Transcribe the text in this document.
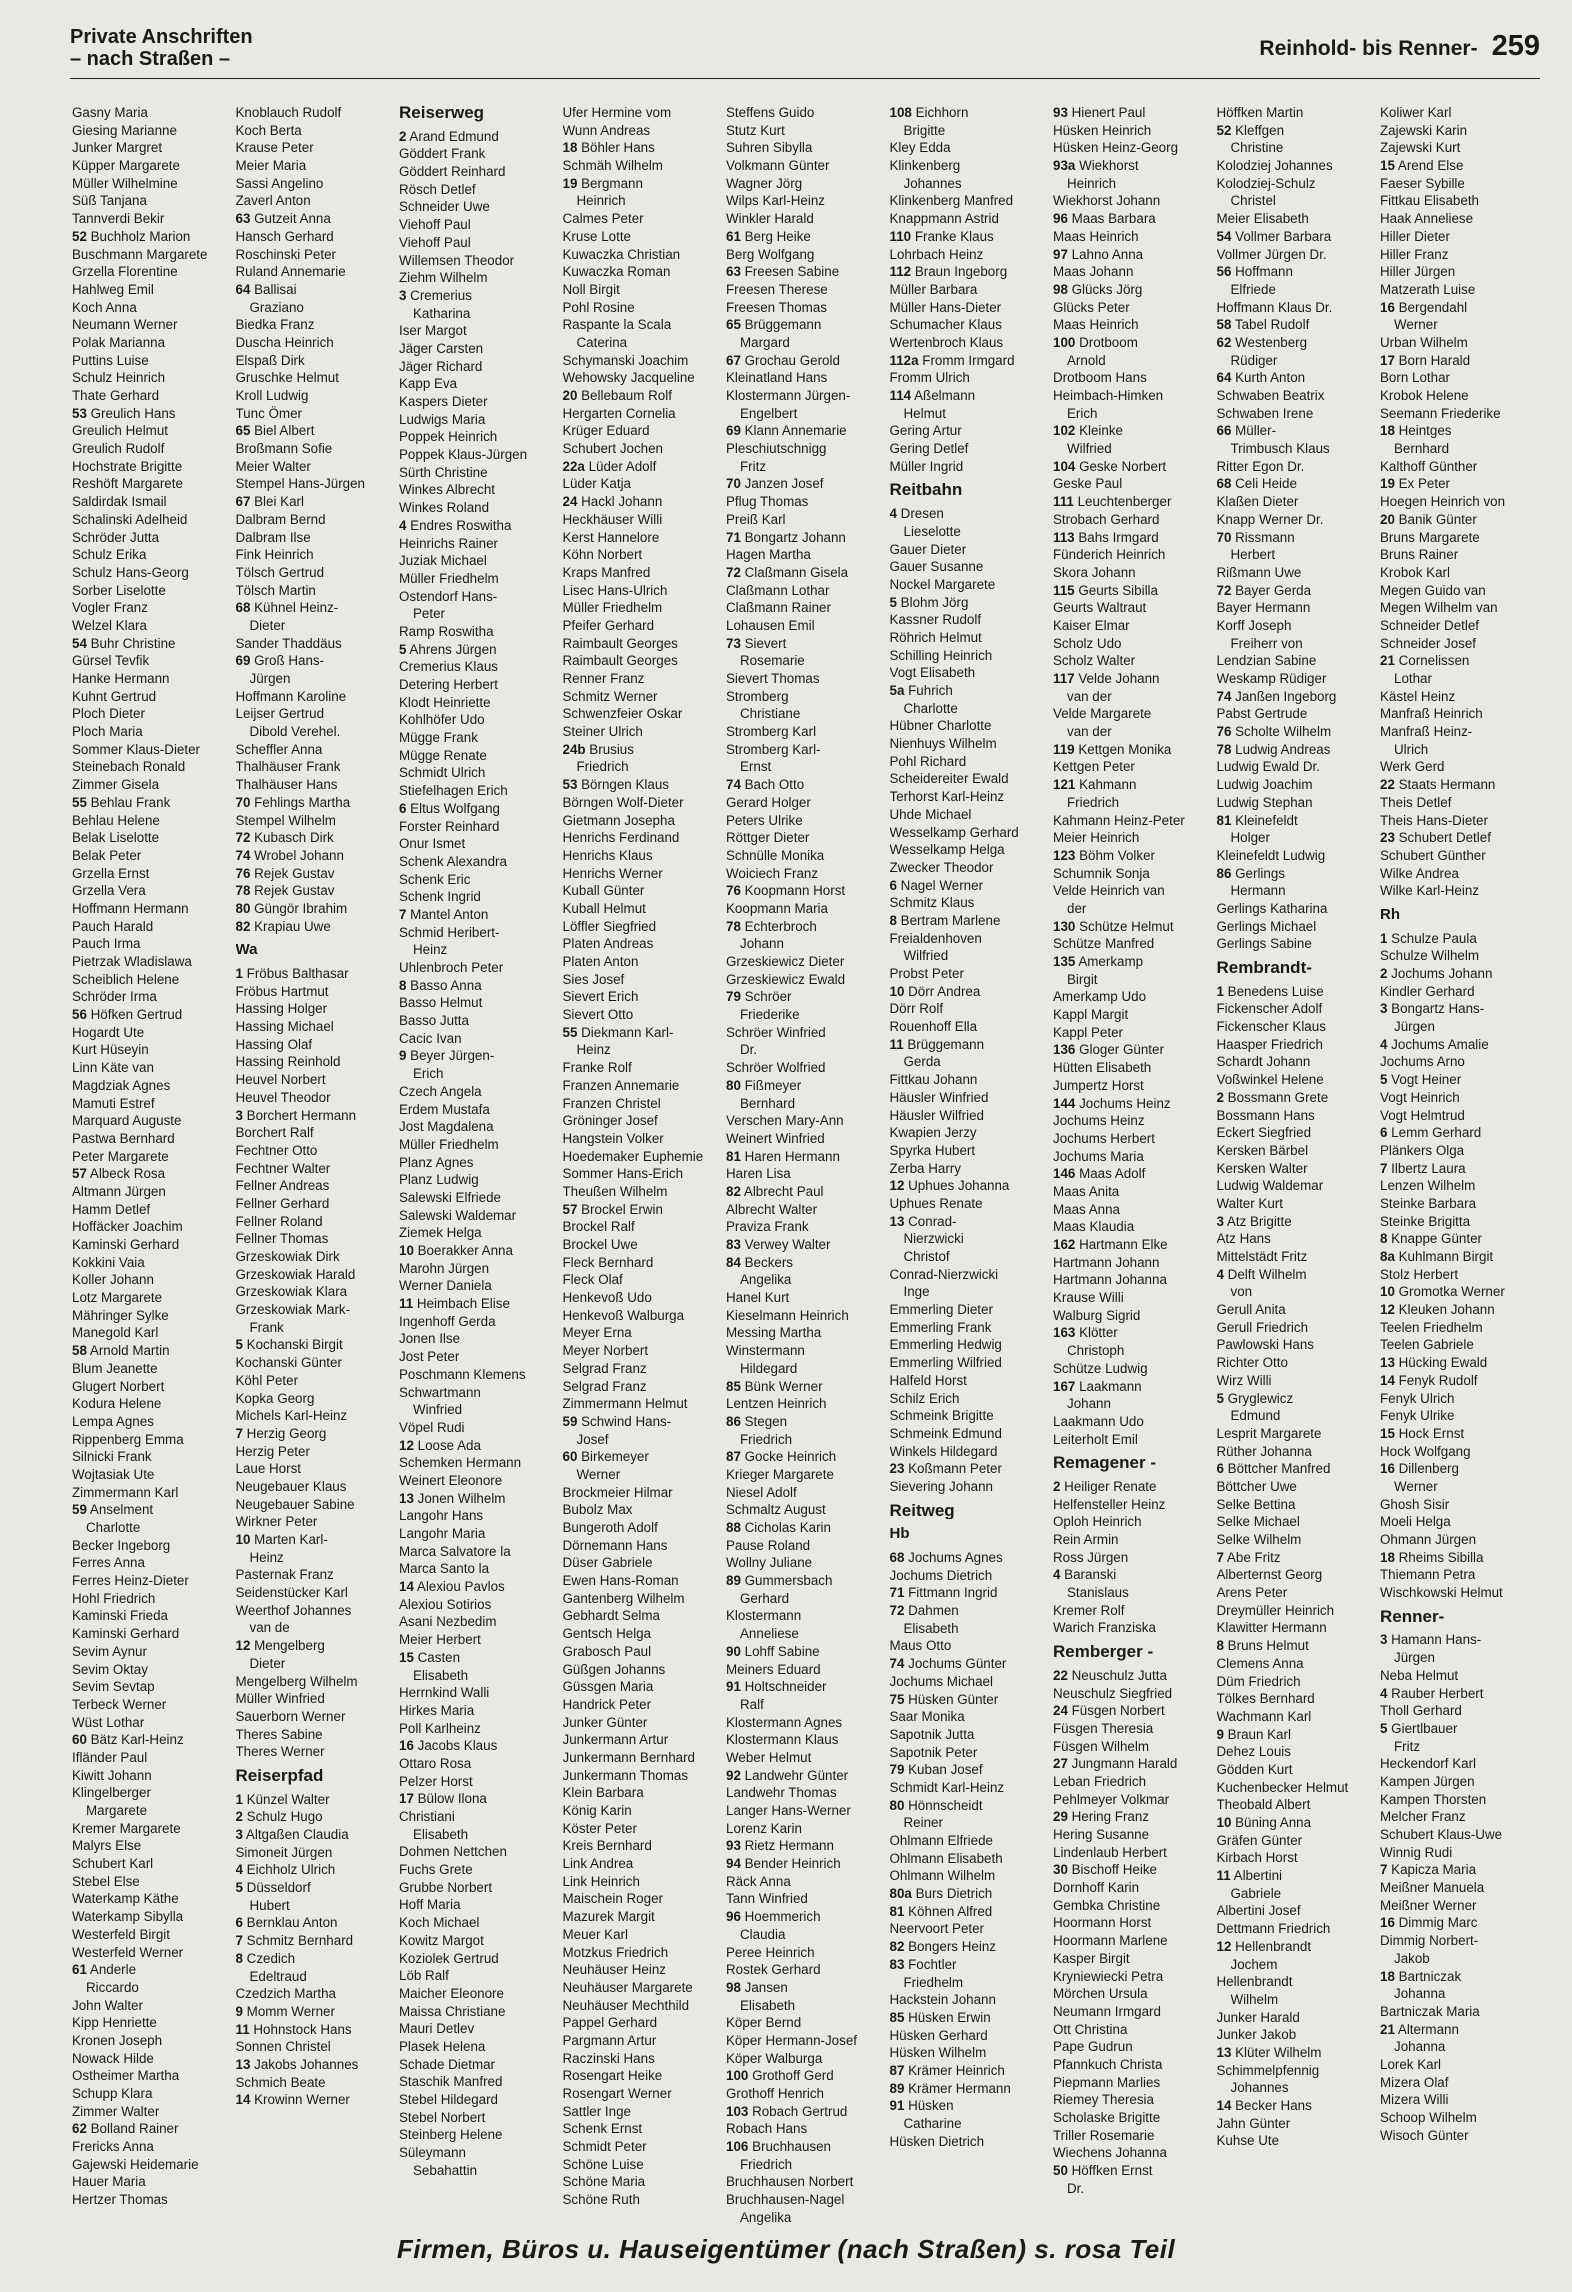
Private Anschriften
– nach Straßen –	Reinhold- bis Renner- 259
Gasny Maria
Giesing Marianne
Junker Margret
Küpper Margarete
Müller Wilhelmine
Süß Tanjana
Tannverdi Bekir
52 Buchholz Marion
Buschmann Margarete
Grzella Florentine
Hahlweg Emil
Koch Anna
Neumann Werner
Polak Marianna
Puttins Luise
Schulz Heinrich
Thate Gerhard
53 Greulich Hans
Greulich Helmut
Greulich Rudolf
Hochstrate Brigitte
Reshöft Margarete
Saldirdak Ismail
Schalinski Adelheid
Schröder Jutta
Schulz Erika
Schulz Hans-Georg
Sorber Liselotte
Vogler Franz
Welzel Klara
54 Buhr Christine
Gürsel Tevfik
Hanke Hermann
Kuhnt Gertrud
Ploch Dieter
Ploch Maria
Sommer Klaus-Dieter
Steinebach Ronald
Zimmer Gisela
55 Behlau Frank
Behlau Helene
Belak Liselotte
Belak Peter
Grzella Ernst
Grzella Vera
Hoffmann Hermann
Pauch Harald
Pauch Irma
Pietrzak Wladislawa
Scheiblich Helene
Schröder Irma
56 Höfken Gertrud
Hogardt Ute
Kurt Hüseyin
Linn Käte van
Magdziak Agnes
Mamuti Estref
Marquard Auguste
Pastwa Bernhard
Peter Margarete
57 Albeck Rosa
Altmann Jürgen
Hamm Detlef
Hoffäcker Joachim
Kaminski Gerhard
Kokkini Vaia
Koller Johann
Lotz Margarete
Mähringer Sylke
Manegold Karl
58 Arnold Martin
Blum Jeanette
Glugert Norbert
Kodura Helene
Lempa Agnes
Rippenberg Emma
Silnicki Frank
Wojtasiak Ute
Zimmermann Karl
59 Anselment
Charlotte
Becker Ingeborg
Ferres Anna
Ferres Heinz-Dieter
Hohl Friedrich
Kaminski Frieda
Kaminski Gerhard
Sevim Aynur
Sevim Oktay
Sevim Sevtap
Terbeck Werner
Wüst Lothar
60 Bätz Karl-Heinz
Ifländer Paul
Kiwitt Johann
Klingelberger
Margarete
Kremer Margarete
Malyrs Else
Schubert Karl
Stebel Else
Waterkamp Käthe
Waterkamp Sibylla
Westerfeld Birgit
Westerfeld Werner
61 Anderle
Riccardo
John Walter
Kipp Henriette
Kronen Joseph
Nowack Hilde
Ostheimer Martha
Schupp Klara
Zimmer Walter
62 Bolland Rainer
Frericks Anna
Gajewski Heidemarie
Hauer Maria
Hertzer Thomas
Knoblauch Rudolf
Koch Berta
Krause Peter
Meier Maria
Sassi Angelino
Zaverl Anton
63 Gutzeit Anna
Hansch Gerhard
Roschinski Peter
Ruland Annemarie
64 Ballisai
Graziano
Biedka Franz
Duscha Heinrich
Elspaß Dirk
Gruschke Helmut
Kroll Ludwig
Tunc Ömer
65 Biel Albert
Broßmann Sofie
Meier Walter
Stempel Hans-Jürgen
67 Blei Karl
Dalbram Bernd
Dalbram Ilse
Fink Heinrich
Tölsch Gertrud
Tölsch Martin
68 Kühnel Heinz-
Dieter
Sander Thaddäus
69 Groß Hans-
Jürgen
Hoffmann Karoline
Leijser Gertrud
Dibold Verehel.
Scheffler Anna
Thalhäuser Frank
Thalhäuser Hans
70 Fehlings Martha
Stempel Wilhelm
72 Kubasch Dirk
74 Wrobel Johann
76 Rejek Gustav
78 Rejek Gustav
80 Güngör Ibrahim
82 Krapiau Uwe
Wa
1 Fröbus Balthasar
Fröbus Hartmut
Hassing Holger
Hassing Michael
Hassing Olaf
Hassing Reinhold
Heuvel Norbert
Heuvel Theodor
3 Borchert Hermann
Borchert Ralf
Fechtner Otto
Fechtner Walter
Fellner Andreas
Fellner Gerhard
Fellner Roland
Fellner Thomas
Grzeskowiak Dirk
Grzeskowiak Harald
Grzeskowiak Klara
Grzeskowiak Mark-
Frank
5 Kochanski Birgit
Kochanski Günter
Köhl Peter
Kopka Georg
Michels Karl-Heinz
7 Herzig Georg
Herzig Peter
Laue Horst
Neugebauer Klaus
Neugebauer Sabine
Wirkner Peter
10 Marten Karl-
Heinz
Pasternak Franz
Seidenstücker Karl
Weerthof Johannes
van de
12 Mengelberg
Dieter
Mengelberg Wilhelm
Müller Winfried
Sauerborn Werner
Theres Sabine
Theres Werner
Reiserpfad
1 Künzel Walter
2 Schulz Hugo
3 Altgaßen Claudia
Simoneit Jürgen
4 Eichholz Ulrich
5 Düsseldorf
Hubert
6 Bernklau Anton
7 Schmitz Bernhard
8 Czedich
Edeltraud
Czedzich Martha
9 Momm Werner
11 Hohnstock Hans
Sonnen Christel
13 Jakobs Johannes
Schmich Beate
14 Krowinn Werner
Reiserweg
2 Arand Edmund
Göddert Frank
Göddert Reinhard
Rösch Detlef
Schneider Uwe
Viehoff Paul
Viehoff Paul
Willemsen Theodor
Ziehm Wilhelm
3 Cremerius
Katharina
Iser Margot
Jäger Carsten
Jäger Richard
Kapp Eva
Kaspers Dieter
Ludwigs Maria
Poppek Heinrich
Poppek Klaus-Jürgen
Sürth Christine
Winkes Albrecht
Winkes Roland
4 Endres Roswitha
Heinrichs Rainer
Juziak Michael
Müller Friedhelm
Ostendorf Hans-
Peter
Ramp Roswitha
5 Ahrens Jürgen
Cremerius Klaus
Detering Herbert
Klodt Heinriette
Kohlhöfer Udo
Mügge Frank
Mügge Renate
Schmidt Ulrich
Stiefelhagen Erich
6 Eltus Wolfgang
Forster Reinhard
Onur Ismet
Schenk Alexandra
Schenk Eric
Schenk Ingrid
7 Mantel Anton
Schmid Heribert-
Heinz
Uhlenbroch Peter
8 Basso Anna
Basso Helmut
Basso Jutta
Cacic Ivan
9 Beyer Jürgen-
Erich
Czech Angela
Erdem Mustafa
Jost Magdalena
Müller Friedhelm
Planz Agnes
Planz Ludwig
Salewski Elfriede
Salewski Waldemar
Ziemek Helga
10 Boerakker Anna
Marohn Jürgen
Werner Daniela
11 Heimbach Elise
Ingenhoff Gerda
Jonen Ilse
Jost Peter
Poschmann Klemens
Schwartmann
Winfried
Vöpel Rudi
12 Loose Ada
Schemken Hermann
Weinert Eleonore
13 Jonen Wilhelm
Langohr Hans
Langohr Maria
Marca Salvatore la
Marca Santo la
14 Alexiou Pavlos
Alexiou Sotirios
Asani Nezbedim
Meier Herbert
15 Casten
Elisabeth
Herrnkind Walli
Hirkes Maria
Poll Karlheinz
16 Jacobs Klaus
Ottaro Rosa
Pelzer Horst
17 Bülow Ilona
Christiani
Elisabeth
Dohmen Nettchen
Fuchs Grete
Grubbe Norbert
Hoff Maria
Koch Michael
Kowitz Margot
Koziolek Gertrud
Löb Ralf
Maicher Eleonore
Maissa Christiane
Mauri Detlev
Plasek Helena
Schade Dietmar
Staschik Manfred
Stebel Hildegard
Stebel Norbert
Steinberg Helene
Süleymann
Sebahattin
Ufer Hermine vom
Wunn Andreas
18 Böhler Hans
Schmäh Wilhelm
19 Bergmann
Heinrich
Calmes Peter
Kruse Lotte
Kuwaczka Christian
Kuwaczka Roman
Noll Birgit
Pohl Rosine
Raspante la Scala
Caterina
Schymanski Joachim
Wehowsky Jacqueline
20 Bellebaum Rolf
Hergarten Cornelia
Krüger Eduard
Schubert Jochen
22a Lüder Adolf
Lüder Katja
24 Hackl Johann
Heckhäuser Willi
Kerst Hannelore
Köhn Norbert
Kraps Manfred
Lisec Hans-Ulrich
Müller Friedhelm
Pfeifer Gerhard
Raimbault Georges
Raimbault Georges
Renner Franz
Schmitz Werner
Schwenzfeier Oskar
Steiner Ulrich
24b Brusius
Friedrich
53 Börngen Klaus
Börngen Wolf-Dieter
Gietmann Josepha
Henrichs Ferdinand
Henrichs Klaus
Henrichs Werner
Kuball Günter
Kuball Helmut
Löffler Siegfried
Platen Andreas
Platen Anton
Sies Josef
Sievert Erich
Sievert Otto
55 Diekmann Karl-
Heinz
Franke Rolf
Franzen Annemarie
Franzen Christel
Gröninger Josef
Hangstein Volker
Hoedemaker Euphemie
Sommer Hans-Erich
Theußen Wilhelm
57 Brockel Erwin
Brockel Ralf
Brockel Uwe
Fleck Bernhard
Fleck Olaf
Henkevoß Udo
Henkevoß Walburga
Meyer Erna
Meyer Norbert
Selgrad Franz
Selgrad Franz
Zimmermann Helmut
59 Schwind Hans-
Josef
60 Birkemeyer
Werner
Brockmeier Hilmar
Bubolz Max
Bungeroth Adolf
Dörnemann Hans
Düser Gabriele
Ewen Hans-Roman
Gantenberg Wilhelm
Gebhardt Selma
Gentsch Helga
Grabosch Paul
Güßgen Johanns
Güssgen Maria
Handrick Peter
Junker Günter
Junkermann Artur
Junkermann Bernhard
Junkermann Thomas
Klein Barbara
König Karin
Köster Peter
Kreis Bernhard
Link Andrea
Link Heinrich
Maischein Roger
Mazurek Margit
Meuer Karl
Motzkus Friedrich
Neuhäuser Heinz
Neuhäuser Margarete
Neuhäuser Mechthild
Pappel Gerhard
Pargmann Artur
Raczinski Hans
Rosengart Heike
Rosengart Werner
Sattler Inge
Schenk Ernst
Schmidt Peter
Schöne Luise
Schöne Maria
Schöne Ruth
Steffens Guido
Stutz Kurt
Suhren Sibylla
Volkmann Günter
Wagner Jörg
Wilps Karl-Heinz
Winkler Harald
61 Berg Heike
Berg Wolfgang
63 Freesen Sabine
Freesen Therese
Freesen Thomas
65 Brüggemann
Margard
67 Grochau Gerold
Kleinatland Hans
Klostermann Jürgen-
Engelbert
69 Klann Annemarie
Pleschiutschnigg
Fritz
70 Janzen Josef
Pflug Thomas
Preiß Karl
71 Bongartz Johann
Hagen Martha
72 Claßmann Gisela
Claßmann Lothar
Claßmann Rainer
Lohausen Emil
73 Sievert
Rosemarie
Sievert Thomas
Stromberg
Christiane
Stromberg Karl
Stromberg Karl-
Ernst
74 Bach Otto
Gerard Holger
Peters Ulrike
Röttger Dieter
Schnülle Monika
Woiciech Franz
76 Koopmann Horst
Koopmann Maria
78 Echterbroch
Johann
Grzeskiewicz Dieter
Grzeskiewicz Ewald
79 Schröer
Friederike
Schröer Winfried
Dr.
Schröer Wolfried
80 Fißmeyer
Bernhard
Verschen Mary-Ann
Weinert Winfried
81 Haren Hermann
Haren Lisa
82 Albrecht Paul
Albrecht Walter
Praviza Frank
83 Verwey Walter
84 Beckers
Angelika
Hanel Kurt
Kieselmann Heinrich
Messing Martha
Winstermann
Hildegard
85 Bünk Werner
Lentzen Heinrich
86 Stegen
Friedrich
87 Gocke Heinrich
Krieger Margarete
Niesel Adolf
Schmaltz August
88 Cicholas Karin
Pause Roland
Wollny Juliane
89 Gummersbach
Gerhard
Klostermann
Anneliese
90 Lohff Sabine
Meiners Eduard
91 Holtschneider
Ralf
Klostermann Agnes
Klostermann Klaus
Weber Helmut
92 Landwehr Günter
Landwehr Thomas
Langer Hans-Werner
Lorenz Karin
93 Rietz Hermann
94 Bender Heinrich
Räck Anna
Tann Winfried
96 Hoemmerich
Claudia
Peree Heinrich
Rostek Gerhard
98 Jansen
Elisabeth
Köper Bernd
Köper Hermann-Josef
Köper Walburga
100 Grothoff Gerd
Grothoff Henrich
103 Robach Gertrud
Robach Hans
106 Bruchhausen
Friedrich
Bruchhausen Norbert
Bruchhausen-Nagel
Angelika
108 Eichhorn
Brigitte
Kley Edda
Klinkenberg
Johannes
Klinkenberg Manfred
Knappmann Astrid
110 Franke Klaus
Lohrbach Heinz
112 Braun Ingeborg
Müller Barbara
Müller Hans-Dieter
Schumacher Klaus
Wertenbroch Klaus
112a Fromm Irmgard
Fromm Ulrich
114 Aßelmann
Helmut
Gering Artur
Gering Detlef
Müller Ingrid
Reitbahn
4 Dresen
Lieselotte
Gauer Dieter
Gauer Susanne
Nockel Margarete
5 Blohm Jörg
Kassner Rudolf
Röhrich Helmut
Schilling Heinrich
Vogt Elisabeth
5a Fuhrich
Charlotte
Hübner Charlotte
Nienhuys Wilhelm
Pohl Richard
Scheidereiter Ewald
Terhorst Karl-Heinz
Uhde Michael
Wesselkamp Gerhard
Wesselkamp Helga
Zwecker Theodor
6 Nagel Werner
Schmitz Klaus
8 Bertram Marlene
Freialdenhoven
Wilfried
Probst Peter
10 Dörr Andrea
Dörr Rolf
Rouenhoff Ella
11 Brüggemann
Gerda
Fittkau Johann
Häusler Winfried
Häusler Wilfried
Kwapien Jerzy
Spyrka Hubert
Zerba Harry
12 Uphues Johanna
Uphues Renate
13 Conrad-
Nierzwicki
Christof
Conrad-Nierzwicki
Inge
Emmerling Dieter
Emmerling Frank
Emmerling Hedwig
Emmerling Wilfried
Halfeld Horst
Schilz Erich
Schmeink Brigitte
Schmeink Edmund
Winkels Hildegard
23 Koßmann Peter
Sievering Johann
Reitweg
Hb
68 Jochums Agnes
Jochums Dietrich
71 Fittmann Ingrid
72 Dahmen
Elisabeth
Maus Otto
74 Jochums Günter
Jochums Michael
75 Hüsken Günter
Saar Monika
Sapotnik Jutta
Sapotnik Peter
79 Kuban Josef
Schmidt Karl-Heinz
80 Hönnscheidt
Reiner
Ohlmann Elfriede
Ohlmann Elisabeth
Ohlmann Wilhelm
80a Burs Dietrich
81 Köhnen Alfred
Neervoort Peter
82 Bongers Heinz
83 Fochtler
Friedhelm
Hackstein Johann
85 Hüsken Erwin
Hüsken Gerhard
Hüsken Wilhelm
87 Krämer Heinrich
89 Krämer Hermann
91 Hüsken
Catharine
Hüsken Dietrich
93 Hienert Paul
Hüsken Heinrich
Hüsken Heinz-Georg
93a Wiekhorst
Heinrich
Wiekhorst Johann
96 Maas Barbara
Maas Heinrich
97 Lahno Anna
Maas Johann
98 Glücks Jörg
Glücks Peter
Maas Heinrich
100 Drotboom
Arnold
Drotboom Hans
Heimbach-Himken
Erich
102 Kleinke
Wilfried
104 Geske Norbert
Geske Paul
111 Leuchtenberger
Strobach Gerhard
113 Bahs Irmgard
Fünderich Heinrich
Skora Johann
115 Geurts Sibilla
Geurts Waltraut
Kaiser Elmar
Scholz Udo
Scholz Walter
117 Velde Johann
van der
Velde Margarete
van der
119 Kettgen Monika
Kettgen Peter
121 Kahmann
Friedrich
Kahmann Heinz-Peter
Meier Heinrich
123 Böhm Volker
Schumnik Sonja
Velde Heinrich van
der
130 Schütze Helmut
Schütze Manfred
135 Amerkamp
Birgit
Amerkamp Udo
Kappl Margit
Kappl Peter
136 Gloger Günter
Hütten Elisabeth
Jumpertz Horst
144 Jochums Heinz
Jochums Heinz
Jochums Herbert
Jochums Maria
146 Maas Adolf
Maas Anita
Maas Anna
Maas Klaudia
162 Hartmann Elke
Hartmann Johann
Hartmann Johanna
Krause Willi
Walburg Sigrid
163 Klötter
Christoph
Schütze Ludwig
167 Laakmann
Johann
Laakmann Udo
Leiterholt Emil
Remagener -
2 Heiliger Renate
Helfensteller Heinz
Oploh Heinrich
Rein Armin
Ross Jürgen
4 Baranski
Stanislaus
Kremer Rolf
Warich Franziska
Remberger -
22 Neuschulz Jutta
Neuschulz Siegfried
24 Füsgen Norbert
Füsgen Theresia
Füsgen Wilhelm
27 Jungmann Harald
Leban Friedrich
Pehlmeyer Volkmar
29 Hering Franz
Hering Susanne
Lindenlaub Herbert
30 Bischoff Heike
Dornhoff Karin
Gembka Christine
Hoormann Horst
Hoormann Marlene
Kasper Birgit
Kryniewiecki Petra
Mörchen Ursula
Neumann Irmgard
Ott Christina
Pape Gudrun
Pfannkuch Christa
Piepmann Marlies
Riemey Theresia
Scholaske Brigitte
Triller Rosemarie
Wiechens Johanna
50 Höffken Ernst
Dr.
Höffken Martin
52 Kleffgen
Christine
Kolodziej Johannes
Kolodziej-Schulz
Christel
Meier Elisabeth
54 Vollmer Barbara
Vollmer Jürgen Dr.
56 Hoffmann
Elfriede
Hoffmann Klaus Dr.
58 Tabel Rudolf
62 Westenberg
Rüdiger
64 Kurth Anton
Schwaben Beatrix
Schwaben Irene
66 Müller-
Trimbusch Klaus
Ritter Egon Dr.
68 Celi Heide
Klaßen Dieter
Knapp Werner Dr.
70 Rissmann
Herbert
Rißmann Uwe
72 Bayer Gerda
Bayer Hermann
Korff Joseph
Freiherr von
Lendzian Sabine
Weskamp Rüdiger
74 Janßen Ingeborg
Pabst Gertrude
76 Scholte Wilhelm
78 Ludwig Andreas
Ludwig Ewald Dr.
Ludwig Joachim
Ludwig Stephan
81 Kleinefeldt
Holger
Kleinefeldt Ludwig
86 Gerlings
Hermann
Gerlings Katharina
Gerlings Michael
Gerlings Sabine
Rembrandt-
1 Benedens Luise
Fickenscher Adolf
Fickenscher Klaus
Haasper Friedrich
Schardt Johann
Voßwinkel Helene
2 Bossmann Grete
Bossmann Hans
Eckert Siegfried
Kersken Bärbel
Kersken Walter
Ludwig Waldemar
Walter Kurt
3 Atz Brigitte
Atz Hans
Mittelstädt Fritz
4 Delft Wilhelm
von
Gerull Anita
Gerull Friedrich
Pawlowski Hans
Richter Otto
Wirz Willi
5 Gryglewicz
Edmund
Lesprit Margarete
Rüther Johanna
6 Böttcher Manfred
Böttcher Uwe
Selke Bettina
Selke Michael
Selke Wilhelm
7 Abe Fritz
Alberternst Georg
Arens Peter
Dreymüller Heinrich
Klawitter Hermann
8 Bruns Helmut
Clemens Anna
Düm Friedrich
Tölkes Bernhard
Wachmann Karl
9 Braun Karl
Dehez Louis
Gödden Kurt
Kuchenbecker Helmut
Theobald Albert
10 Büning Anna
Gräfen Günter
Kirbach Horst
11 Albertini
Gabriele
Albertini Josef
Dettmann Friedrich
12 Hellenbrandt
Jochem
Hellenbrandt
Wilhelm
Junker Harald
Junker Jakob
13 Klüter Wilhelm
Schimmelpfennig
Johannes
14 Becker Hans
Jahn Günter
Kuhse Ute
Koliwer Karl
Zajewski Karin
Zajewski Kurt
15 Arend Else
Faeser Sybille
Fittkau Elisabeth
Haak Anneliese
Hiller Dieter
Hiller Franz
Hiller Jürgen
Matzerath Luise
16 Bergendahl
Werner
Urban Wilhelm
17 Born Harald
Born Lothar
Krobok Helene
Seemann Friederike
18 Heintges
Bernhard
Kalthoff Günther
19 Ex Peter
Hoegen Heinrich von
20 Banik Günter
Bruns Margarete
Bruns Rainer
Krobok Karl
Megen Guido van
Megen Wilhelm van
Schneider Detlef
Schneider Josef
21 Cornelissen
Lothar
Kästel Heinz
Manfraß Heinrich
Manfraß Heinz-
Ulrich
Werk Gerd
22 Staats Hermann
Theis Detlef
Theis Hans-Dieter
23 Schubert Detlef
Schubert Günther
Wilke Andrea
Wilke Karl-Heinz
Rh
1 Schulze Paula
Schulze Wilhelm
2 Jochums Johann
Kindler Gerhard
3 Bongartz Hans-
Jürgen
4 Jochums Amalie
Jochums Arno
5 Vogt Heiner
Vogt Heinrich
Vogt Helmtrud
6 Lemm Gerhard
Plänkers Olga
7 Ilbertz Laura
Lenzen Wilhelm
Steinke Barbara
Steinke Brigitta
8 Knappe Günter
8a Kuhlmann Birgit
Stolz Herbert
10 Gromotka Werner
12 Kleuken Johann
Teelen Friedhelm
Teelen Gabriele
13 Hücking Ewald
14 Fenyk Rudolf
Fenyk Ulrich
Fenyk Ulrike
15 Hock Ernst
Hock Wolfgang
16 Dillenberg
Werner
Ghosh Sisir
Moeli Helga
Ohmann Jürgen
18 Rheims Sibilla
Thiemann Petra
Wischkowski Helmut
Renner-
3 Hamann Hans-
Jürgen
Neba Helmut
4 Rauber Herbert
Tholl Gerhard
5 Giertlbauer
Fritz
Heckendorf Karl
Kampen Jürgen
Kampen Thorsten
Melcher Franz
Schubert Klaus-Uwe
Winnig Rudi
7 Kapicza Maria
Meißner Manuela
Meißner Werner
16 Dimmig Marc
Dimmig Norbert-
Jakob
18 Bartniczak
Johanna
Bartniczak Maria
21 Altermann
Johanna
Lorek Karl
Mizera Olaf
Mizera Willi
Schoop Wilhelm
Wisoch Günter
Firmen, Büros u. Hauseigentümer (nach Straßen) s. rosa Teil
